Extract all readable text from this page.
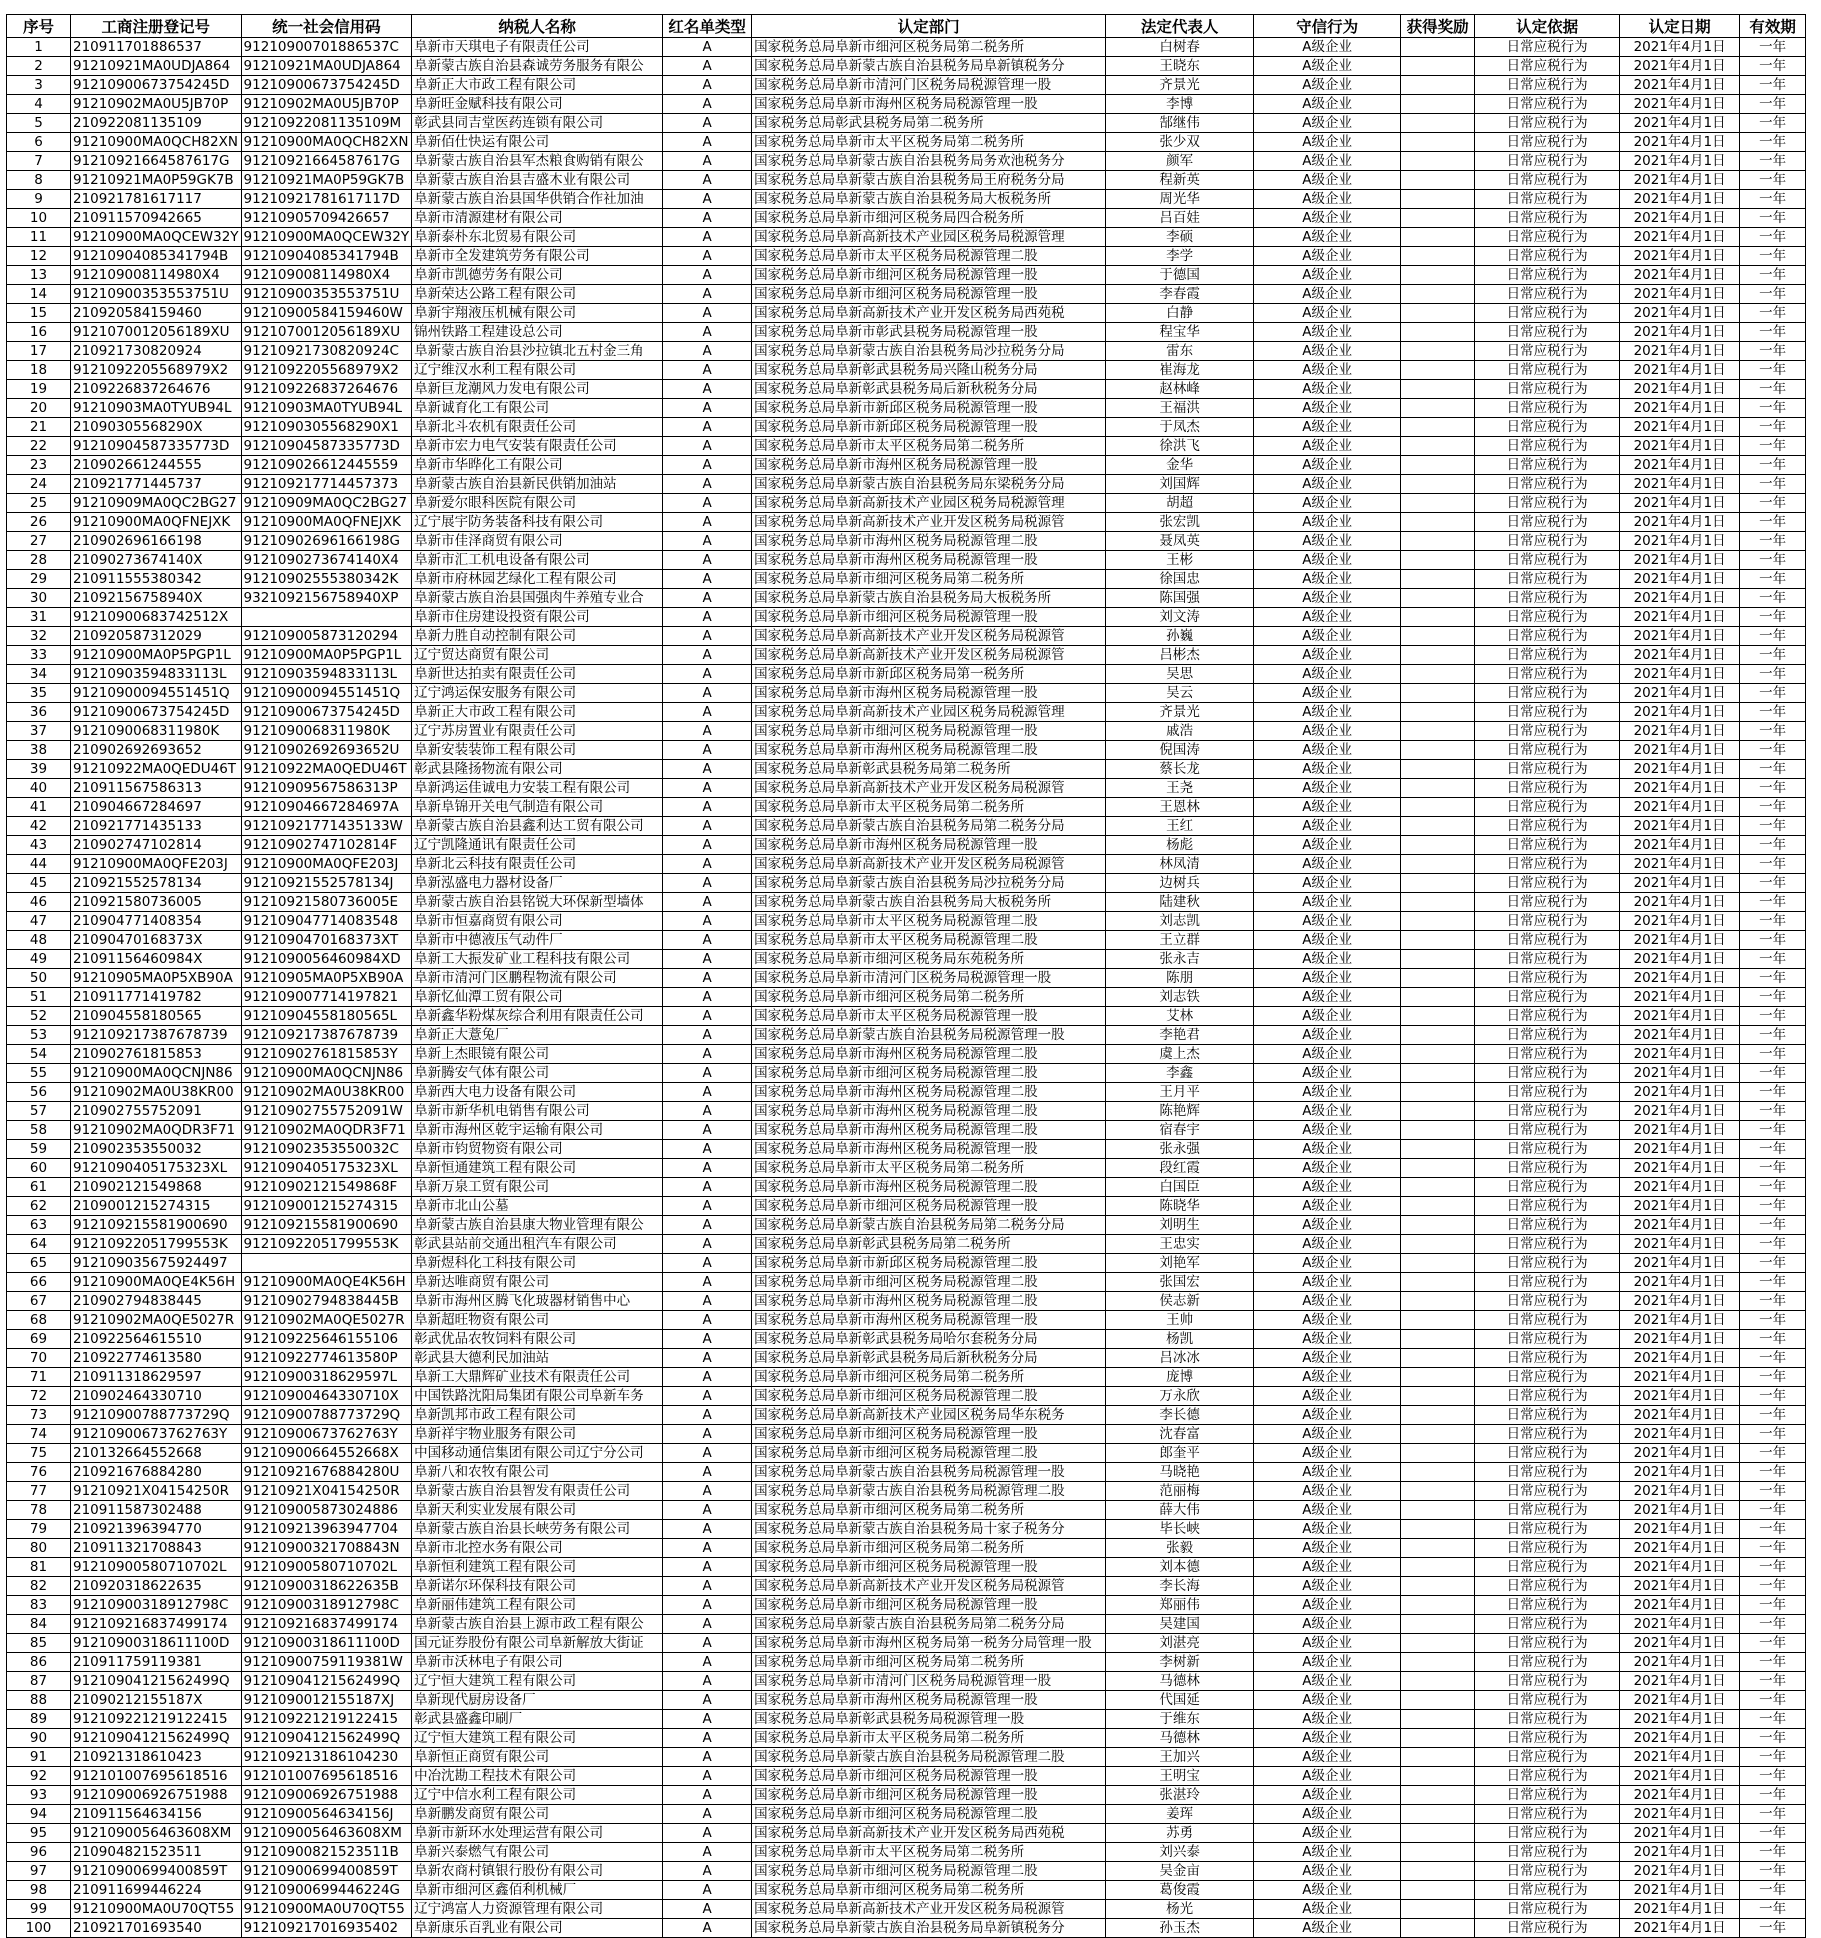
序号	工商注册登记号	统一社会信用码	纳税人名称	红名单类型	认定部门	法定代表人	守信行为	获得奖励	认定依据	认定日期	有效期
1	210911701886537	9121090070188653​7C	阜新市天琪电子有限责任公司	A	国家税务总局阜新市细河区税务局第二税务所	白树春	A级企业		日常应税行为	2021年4月1日	一年
2	91210921MA0UDJA864	91210921MA0UDJA864	阜新蒙古族自治县森诚劳务服务有限公	A	国家税务总局阜新蒙古族自治县税务局阜新镇税务分	王晓东	A级企业		日常应税行为	2021年4月1日	一年
3	91210900673754245D	91210900673754245D	阜新正大市政工程有限公司	A	国家税务总局阜新市清河门区税务局税源管理一股	齐景光	A级企业		日常应税行为	2021年4月1日	一年
4	91210902MA0U5JB70P	91210902MA0U5JB70P	阜新旺金赋科技有限公司	A	国家税务总局阜新市海州区税务局税源管理一股	李博	A级企业		日常应税行为	2021年4月1日	一年
5	210922081135109	91210922081135109M	彰武县同吉堂医药连锁有限公司	A	国家税务总局彰武县税务局第二税务所	郜继伟	A级企业		日常应税行为	2021年4月1日	一年
6	91210900MA0QCH82XN	91210900MA0QCH82XN	阜新佰仕快运有限公司	A	国家税务总局阜新市太平区税务局第二税务所	张少双	A级企业		日常应税行为	2021年4月1日	一年
7	91210921664587617G	91210921664587617G	阜新蒙古族自治县军杰粮食购销有限公	A	国家税务总局阜新蒙古族自治县税务局务欢池税务分	颜军	A级企业		日常应税行为	2021年4月1日	一年
8	91210921MA0P59GK7B	91210921MA0P59GK7B	阜新蒙古族自治县吉盛木业有限公司	A	国家税务总局阜新蒙古族自治县税务局王府税务分局	程新英	A级企业		日常应税行为	2021年4月1日	一年
9	210921781617117	91210921781617117D	阜新蒙古族自治县国华供销合作社加油	A	国家税务总局阜新蒙古族自治县税务局大板税务所	周光华	A级企业		日常应税行为	2021年4月1日	一年
10	210911570942665	91210905709426657	阜新市清源建材有限公司	A	国家税务总局阜新市细河区税务局四合税务所	吕百娃	A级企业		日常应税行为	2021年4月1日	一年
11	91210900MA0QCEW32Y	91210900MA0QCEW32Y	阜新泰朴东北贸易有限公司	A	国家税务总局阜新高新技术产业园区税务局税源管理	李硕	A级企业		日常应税行为	2021年4月1日	一年
12	91210904085341794B	91210904085341794B	阜新市全发建筑劳务有限公司	A	国家税务总局阜新市太平区税务局税源管理二股	李学	A级企业		日常应税行为	2021年4月1日	一年
13	91210900811498​0X4	91210900811498​0X4	阜新市凯德劳务有限公司	A	国家税务总局阜新市细河区税务局税源管理一股	于德国	A级企业		日常应税行为	2021年4月1日	一年
14	91210900353553751U	91210900353553751U	阜新荣达公路工程有限公司	A	国家税务总局阜新市细河区税务局税源管理一股	李春霞	A级企业		日常应税行为	2021年4月1日	一年
15	210920584159460	91210900584159460W	阜新宇翔液压机械有限公司	A	国家税务总局阜新高新技术产业开发区税务局西苑税	白静	A级企业		日常应税行为	2021年4月1日	一年
16	91210700120561​89XU	91210700120561​89XU	锦州铁路工程建设总公司	A	国家税务总局阜新市彰武县税务局税源管理一股	程宝华	A级企业		日常应税行为	2021年4月1日	一年
17	210921730820924	91210921730820924C	阜新蒙古族自治县沙拉镇北五村金三角	A	国家税务总局阜新蒙古族自治县税务局沙拉税务分局	雷东	A级企业		日常应税行为	2021年4月1日	一年
18	91210922055689​79X2	91210922055689​79X2	辽宁维汉水利工程有限公司	A	国家税务总局阜新彰武县税务局兴隆山税务分局	崔海龙	A级企业		日常应税行为	2021年4月1日	一年
19	210922683726​4676	91210922683726​4676	阜新巨龙潮风力发电有限公司	A	国家税务总局阜新彰武县税务局后新秋税务分局	赵林峰	A级企业		日常应税行为	2021年4月1日	一年
20	91210903MA0TYUB94L	91210903MA0TYUB94L	阜新诚育化工有限公司	A	国家税务总局阜新市新邱区税务局税源管理一股	王福洪	A级企业		日常应税行为	2021年4月1日	一年
21	210903055682​90X	9121090305568290X1	阜新北斗农机有限责任公司	A	国家税务总局阜新市新邱区税务局税源管理一股	于凤杰	A级企业		日常应税行为	2021年4月1日	一年
22	91210904587335773D	91210904587335773D	阜新市宏力电气安装有限责任公司	A	国家税务总局阜新市太平区税务局第二税务所	徐洪飞	A级企业		日常应税行为	2021年4月1日	一年
23	210902661244555	91210902661244555​9	阜新市华晔化工有限公司	A	国家税务总局阜新市海州区税务局税源管理一股	金华	A级企业		日常应税行为	2021年4月1日	一年
24	210921771445737	91210921771445737​3	阜新蒙古族自治县新民供销加油站	A	国家税务总局阜新蒙古族自治县税务局东梁税务分局	刘国辉	A级企业		日常应税行为	2021年4月1日	一年
25	91210909MA0QC2BG27	91210909MA0QC2BG27	阜新爱尔眼科医院有限公司	A	国家税务总局阜新高新技术产业园区税务局税源管理	胡超	A级企业		日常应税行为	2021年4月1日	一年
26	91210900MA0QFNEJXK	91210900MA0QFNEJXK	辽宁展宇防务装备科技有限公司	A	国家税务总局阜新高新技术产业开发区税务局税源管	张宏凯	A级企业		日常应税行为	2021年4月1日	一年
27	210902696166198	91210902696166198G	阜新市佳泽商贸有限公司	A	国家税务总局阜新市海州区税务局税源管理二股	聂凤英	A级企业		日常应税行为	2021年4月1日	一年
28	21090273674140X	91210902736741​40X4	阜新市汇工机电设备有限公司	A	国家税务总局阜新市海州区税务局税源管理一股	王彬	A级企业		日常应税行为	2021年4月1日	一年
29	210911555380342	91210902555380342K	阜新市府林园艺绿化工程有限公司	A	国家税务总局阜新市细河区税务局第二税务所	徐国忠	A级企业		日常应税行为	2021年4月1日	一年
30	210921567589​40X	932109215675894​0XP	阜新蒙古族自治县国强肉牛养殖专业合	A	国家税务总局阜新蒙古族自治县税务局大板税务所	陈国强	A级企业		日常应税行为	2021年4月1日	一年
31	91210900683742512X		阜新市住房建设投资有限公司	A	国家税务总局阜新市细河区税务局税源管理一股	刘文涛	A级企业		日常应税行为	2021年4月1日	一年
32	210920587312029	91210900587312029​4	阜新力胜自动控制有限公司	A	国家税务总局阜新高新技术产业开发区税务局税源管	孙巍	A级企业		日常应税行为	2021年4月1日	一年
33	91210900MA0P5PGP1L	91210900MA0P5PGP1L	辽宁贸达商贸有限公司	A	国家税务总局阜新高新技术产业开发区税务局税源管	吕彬杰	A级企业		日常应税行为	2021年4月1日	一年
34	91210903594833113L	91210903594833113L	阜新世达拍卖有限责任公司	A	国家税务总局阜新市新邱区税务局第一税务所	吴思	A级企业		日常应税行为	2021年4月1日	一年
35	91210900094551451Q	91210900094551451Q	辽宁鸿运保安服务有限公司	A	国家税务总局阜新市海州区税务局税源管理一股	吴云	A级企业		日常应税行为	2021年4月1日	一年
36	91210900673754245D	91210900673754245D	阜新正大市政工程有限公司	A	国家税务总局阜新高新技术产业园区税务局税源管理	齐景光	A级企业		日常应税行为	2021年4月1日	一年
37	91210900683119​80K	91210900683119​80K	辽宁苏房置业有限责任公司	A	国家税务总局阜新市细河区税务局税源管理一股	戚浩	A级企业		日常应税行为	2021年4月1日	一年
38	210902692693652	91210902692693652U	阜新安装装饰工程有限公司	A	国家税务总局阜新市海州区税务局税源管理二股	倪国涛	A级企业		日常应税行为	2021年4月1日	一年
39	91210922MA0QEDU46T	91210922MA0QEDU46T	彰武县隆扬物流有限公司	A	国家税务总局阜新彰武县税务局第二税务所	蔡长龙	A级企业		日常应税行为	2021年4月1日	一年
40	210911567586313	91210909567586313P	阜新鸿运佳诚电力安装工程有限公司	A	国家税务总局阜新高新技术产业开发区税务局税源管	王尧	A级企业		日常应税行为	2021年4月1日	一年
41	210904667284697	91210904667284697A	阜新阜锦开关电气制造有限公司	A	国家税务总局阜新市太平区税务局第二税务所	王恩林	A级企业		日常应税行为	2021年4月1日	一年
42	210921771435133	91210921771435133W	阜新蒙古族自治县鑫利达工贸有限公司	A	国家税务总局阜新蒙古族自治县税务局第二税务分局	王红	A级企业		日常应税行为	2021年4月1日	一年
43	210902747102814	91210902747102814F	辽宁凯隆通讯有限责任公司	A	国家税务总局阜新市海州区税务局税源管理一股	杨彪	A级企业		日常应税行为	2021年4月1日	一年
44	91210900MA0QFE203J	91210900MA0QFE203J	阜新北云科技有限责任公司	A	国家税务总局阜新高新技术产业开发区税务局税源管	林凤清	A级企业		日常应税行为	2021年4月1日	一年
45	210921552578134	91210921552578134J	阜新泓盛电力器材设备厂	A	国家税务总局阜新蒙古族自治县税务局沙拉税务分局	边树兵	A级企业		日常应税行为	2021年4月1日	一年
46	210921580736005	91210921580736005E	阜新蒙古族自治县铭锐大环保新型墙体	A	国家税务总局阜新蒙古族自治县税务局大板税务所	陆建秋	A级企业		日常应税行为	2021年4月1日	一年
47	210904771408354	91210904771408354​8	阜新市恒嘉商贸有限公司	A	国家税务总局阜新市太平区税务局税源管理二股	刘志凯	A级企业		日常应税行为	2021年4月1日	一年
48	210904701683​73X	91210904701683​73XT	阜新市中德液压气动件厂	A	国家税务总局阜新市太平区税务局税源管理二股	王立群	A级企业		日常应税行为	2021年4月1日	一年
49	210911564609​84X	91210900564609​84XD	阜新工大振发矿业工程科技有限公司	A	国家税务总局阜新市细河区税务局东苑税务所	张永吉	A级企业		日常应税行为	2021年4月1日	一年
50	91210905MA0P5XB90A	91210905MA0P5XB90A	阜新市清河门区鹏程物流有限公司	A	国家税务总局阜新市清河门区税务局税源管理一股	陈朋	A级企业		日常应税行为	2021年4月1日	一年
51	210911771419782	91210900771419782​1	阜新忆仙潭工贸有限公司	A	国家税务总局阜新市细河区税务局第二税务所	刘志铁	A级企业		日常应税行为	2021年4月1日	一年
52	210904558180565	91210904558180565L	阜新鑫华粉煤灰综合利用有限责任公司	A	国家税务总局阜新市太平区税务局税源管理一股	艾林	A级企业		日常应税行为	2021年4月1日	一年
53	91210921738767873​9	91210921738767873​9	阜新正大薏兔厂	A	国家税务总局阜新蒙古族自治县税务局税源管理一股	李艳君	A级企业		日常应税行为	2021年4月1日	一年
54	210902761815853	91210902761815853Y	阜新上杰眼镜有限公司	A	国家税务总局阜新市海州区税务局税源管理二股	虞上杰	A级企业		日常应税行为	2021年4月1日	一年
55	91210900MA0QCNJN86	91210900MA0QCNJN86	阜新腾安气体有限公司	A	国家税务总局阜新市细河区税务局税源管理二股	李鑫	A级企业		日常应税行为	2021年4月1日	一年
56	91210902MA0U38KR00	91210902MA0U38KR00	阜新西大电力设备有限公司	A	国家税务总局阜新市海州区税务局税源管理二股	王月平	A级企业		日常应税行为	2021年4月1日	一年
57	210902755752091	91210902755752091W	阜新市新华机电销售有限公司	A	国家税务总局阜新市海州区税务局税源管理二股	陈艳辉	A级企业		日常应税行为	2021年4月1日	一年
58	91210902MA0QDR3F71	91210902MA0QDR3F71	阜新市海州区乾宇运输有限公司	A	国家税务总局阜新市海州区税务局税源管理二股	宿春宇	A级企业		日常应税行为	2021年4月1日	一年
59	210902353550032	91210902353550032C	阜新市钧贸物资有限公司	A	国家税务总局阜新市海州区税务局税源管理一股	张永强	A级企业		日常应税行为	2021年4月1日	一年
60	91210904051753​23XL	91210904051753​23XL	阜新恒通建筑工程有限公司	A	国家税务总局阜新市太平区税务局第二税务所	段红霞	A级企业		日常应税行为	2021年4月1日	一年
61	210902121549868	91210902121549868F	阜新万泉工贸有限公司	A	国家税务总局阜新市海州区税务局税源管理二股	白国臣	A级企业		日常应税行为	2021年4月1日	一年
62	210900121527431​5	91210900121527431​5	阜新市北山公墓	A	国家税务总局阜新市细河区税务局税源管理一股	陈晓华	A级企业		日常应税行为	2021年4月1日	一年
63	91210921558190069​0	91210921558190069​0	阜新蒙古族自治县康大物业管理有限公	A	国家税务总局阜新蒙古族自治县税务局第二税务分局	刘明生	A级企业		日常应税行为	2021年4月1日	一年
64	91210922051799553K	91210922051799553K	彰武县站前交通出租汽车有限公司	A	国家税务总局阜新彰武县税务局第二税务所	王忠实	A级企业		日常应税行为	2021年4月1日	一年
65	91210903567592449​7		阜新煜科化工科技有限公司	A	国家税务总局阜新市新邱区税务局税源管理二股	刘艳军	A级企业		日常应税行为	2021年4月1日	一年
66	91210900MA0QE4K56H	91210900MA0QE4K56H	阜新达唯商贸有限公司	A	国家税务总局阜新市细河区税务局税源管理二股	张国宏	A级企业		日常应税行为	2021年4月1日	一年
67	210902794838445	91210902794838445B	阜新市海州区腾飞化玻器材销售中心	A	国家税务总局阜新市海州区税务局税源管理二股	侯志新	A级企业		日常应税行为	2021年4月1日	一年
68	91210902MA0QE5027R	91210902MA0QE5027R	阜新超旺物资有限公司	A	国家税务总局阜新市海州区税务局税源管理一股	王帅	A级企业		日常应税行为	2021年4月1日	一年
69	210922564615510	91210922564615510​6	彰武优品农牧饲料有限公司	A	国家税务总局阜新彰武县税务局哈尔套税务分局	杨凯	A级企业		日常应税行为	2021年4月1日	一年
70	210922774613580	91210922774613580P	彰武县大德利民加油站	A	国家税务总局阜新彰武县税务局后新秋税务分局	吕冰冰	A级企业		日常应税行为	2021年4月1日	一年
71	210911318629597	91210900318629597L	阜新工大鼎辉矿业技术有限责任公司	A	国家税务总局阜新市细河区税务局第二税务所	庞博	A级企业		日常应税行为	2021年4月1日	一年
72	210902464330710	91210900464330710​X	中国铁路沈阳局集团有限公司阜新车务	A	国家税务总局阜新市细河区税务局税源管理二股	万永欣	A级企业		日常应税行为	2021年4月1日	一年
73	91210900788773729Q	91210900788773729Q	阜新凯邦市政工程有限公司	A	国家税务总局阜新高新技术产业园区税务局华东税务	李长德	A级企业		日常应税行为	2021年4月1日	一年
74	91210900673762763Y	91210900673762763Y	阜新祥宇物业服务有限公司	A	国家税务总局阜新市细河区税务局税源管理一股	沈春富	A级企业		日常应税行为	2021年4月1日	一年
75	210132664552668	91210900664552668​X	中国移动通信集团有限公司辽宁分公司	A	国家税务总局阜新市细河区税务局税源管理二股	郎奎平	A级企业		日常应税行为	2021年4月1日	一年
76	210921676884280	91210921676884280U	阜新八和农牧有限公司	A	国家税务总局阜新蒙古族自治县税务局税源管理一股	马晓艳	A级企业		日常应税行为	2021年4月1日	一年
77	91210921X04154250R	91210921X04154250R	阜新蒙古族自治县智发有限责任公司	A	国家税务总局阜新蒙古族自治县税务局税源管理二股	范丽梅	A级企业		日常应税行为	2021年4月1日	一年
78	210911587302488	91210900587302488​6	阜新天利实业发展有限公司	A	国家税务总局阜新市细河区税务局第二税务所	薛大伟	A级企业		日常应税行为	2021年4月1日	一年
79	210921396394770	91210921396394770​4	阜新蒙古族自治县长峡劳务有限公司	A	国家税务总局阜新蒙古族自治县税务局十家子税务分	毕长峡	A级企业		日常应税行为	2021年4月1日	一年
80	210911321708843	91210900321708843N	阜新市北控水务有限公司	A	国家税务总局阜新市细河区税务局第二税务所	张毅	A级企业		日常应税行为	2021年4月1日	一年
81	91210900580710702L	91210900580710702L	阜新恒利建筑工程有限公司	A	国家税务总局阜新市细河区税务局税源管理一股	刘本德	A级企业		日常应税行为	2021年4月1日	一年
82	210920318622635	91210900318622635B	阜新诺尔环保科技有限公司	A	国家税务总局阜新高新技术产业开发区税务局税源管	李长海	A级企业		日常应税行为	2021年4月1日	一年
83	91210900318912798C	91210900318912798C	阜新丽伟建筑工程有限公司	A	国家税务总局阜新市细河区税务局税源管理一股	郑丽伟	A级企业		日常应税行为	2021年4月1日	一年
84	91210921683749917​4	91210921683749917​4	阜新蒙古族自治县上源市政工程有限公	A	国家税务总局阜新蒙古族自治县税务局第二税务分局	吴建国	A级企业		日常应税行为	2021年4月1日	一年
85	91210900318611100D	91210900318611100D	国元证券股份有限公司阜新解放大街证	A	国家税务总局阜新市海州区税务局第一税务分局管理一股	刘湛亮	A级企业		日常应税行为	2021年4月1日	一年
86	210911759119381	91210900759119381W	阜新市沃林电子有限公司	A	国家税务总局阜新市细河区税务局第二税务所	李树新	A级企业		日常应税行为	2021年4月1日	一年
87	91210904121562499Q	91210904121562499Q	辽宁恒大建筑工程有限公司	A	国家税务总局阜新市清河门区税务局税源管理一股	马德林	A级企业		日常应税行为	2021年4月1日	一年
88	21090212155187X	91210900121551​87XJ	阜新现代厨房设备厂	A	国家税务总局阜新市海州区税务局税源管理一股	代国延	A级企业		日常应税行为	2021年4月1日	一年
89	91210922121912241​5	91210922121912241​5	彰武县盛鑫印刷厂	A	国家税务总局阜新彰武县税务局税源管理一股	于维东	A级企业		日常应税行为	2021年4月1日	一年
90	91210904121562499Q	91210904121562499Q	辽宁恒大建筑工程有限公司	A	国家税务总局阜新市太平区税务局第二税务所	马德林	A级企业		日常应税行为	2021年4月1日	一年
91	210921318610423	91210921318610423​0	阜新恒正商贸有限公司	A	国家税务总局阜新蒙古族自治县税务局税源管理二股	王加兴	A级企业		日常应税行为	2021年4月1日	一年
92	91210100769561851​6	91210100769561851​6	中冶沈勘工程技术有限公司	A	国家税务总局阜新市细河区税务局税源管理一股	王明宝	A级企业		日常应税行为	2021年4月1日	一年
93	91210900692675198​8	91210900692675198​8	辽宁中信水利工程有限公司	A	国家税务总局阜新市细河区税务局税源管理一股	张湛玲	A级企业		日常应税行为	2021年4月1日	一年
94	210911564634156	91210900564634156J	阜新鹏发商贸有限公司	A	国家税务总局阜新市细河区税务局税源管理二股	姜珲	A级企业		日常应税行为	2021年4月1日	一年
95	91210900564636​08XM	91210900564636​08XM	阜新市新环水处理运营有限公司	A	国家税务总局阜新高新技术产业开发区税务局西苑税	苏勇	A级企业		日常应税行为	2021年4月1日	一年
96	210904821523511	91210900821523511B	阜新兴泰燃气有限公司	A	国家税务总局阜新市太平区税务局第二税务所	刘兴泰	A级企业		日常应税行为	2021年4月1日	一年
97	91210900699400859T	91210900699400859T	阜新农商村镇银行股份有限公司	A	国家税务总局阜新市细河区税务局税源管理二股	吴金亩	A级企业		日常应税行为	2021年4月1日	一年
98	210911699446224	91210900699446224G	阜新市细河区鑫佰利机械厂	A	国家税务总局阜新市细河区税务局第二税务所	葛俊霞	A级企业		日常应税行为	2021年4月1日	一年
99	91210900MA0U70QT55	91210900MA0U70QT55	辽宁鸿富人力资源管理有限公司	A	国家税务总局阜新高新技术产业开发区税务局税源管	杨光	A级企业		日常应税行为	2021年4月1日	一年
100	210921701693540	91210921701693540​2	阜新康乐百乳业有限公司	A	国家税务总局阜新蒙古族自治县税务局阜新镇税务分	孙玉杰	A级企业		日常应税行为	2021年4月1日	一年
